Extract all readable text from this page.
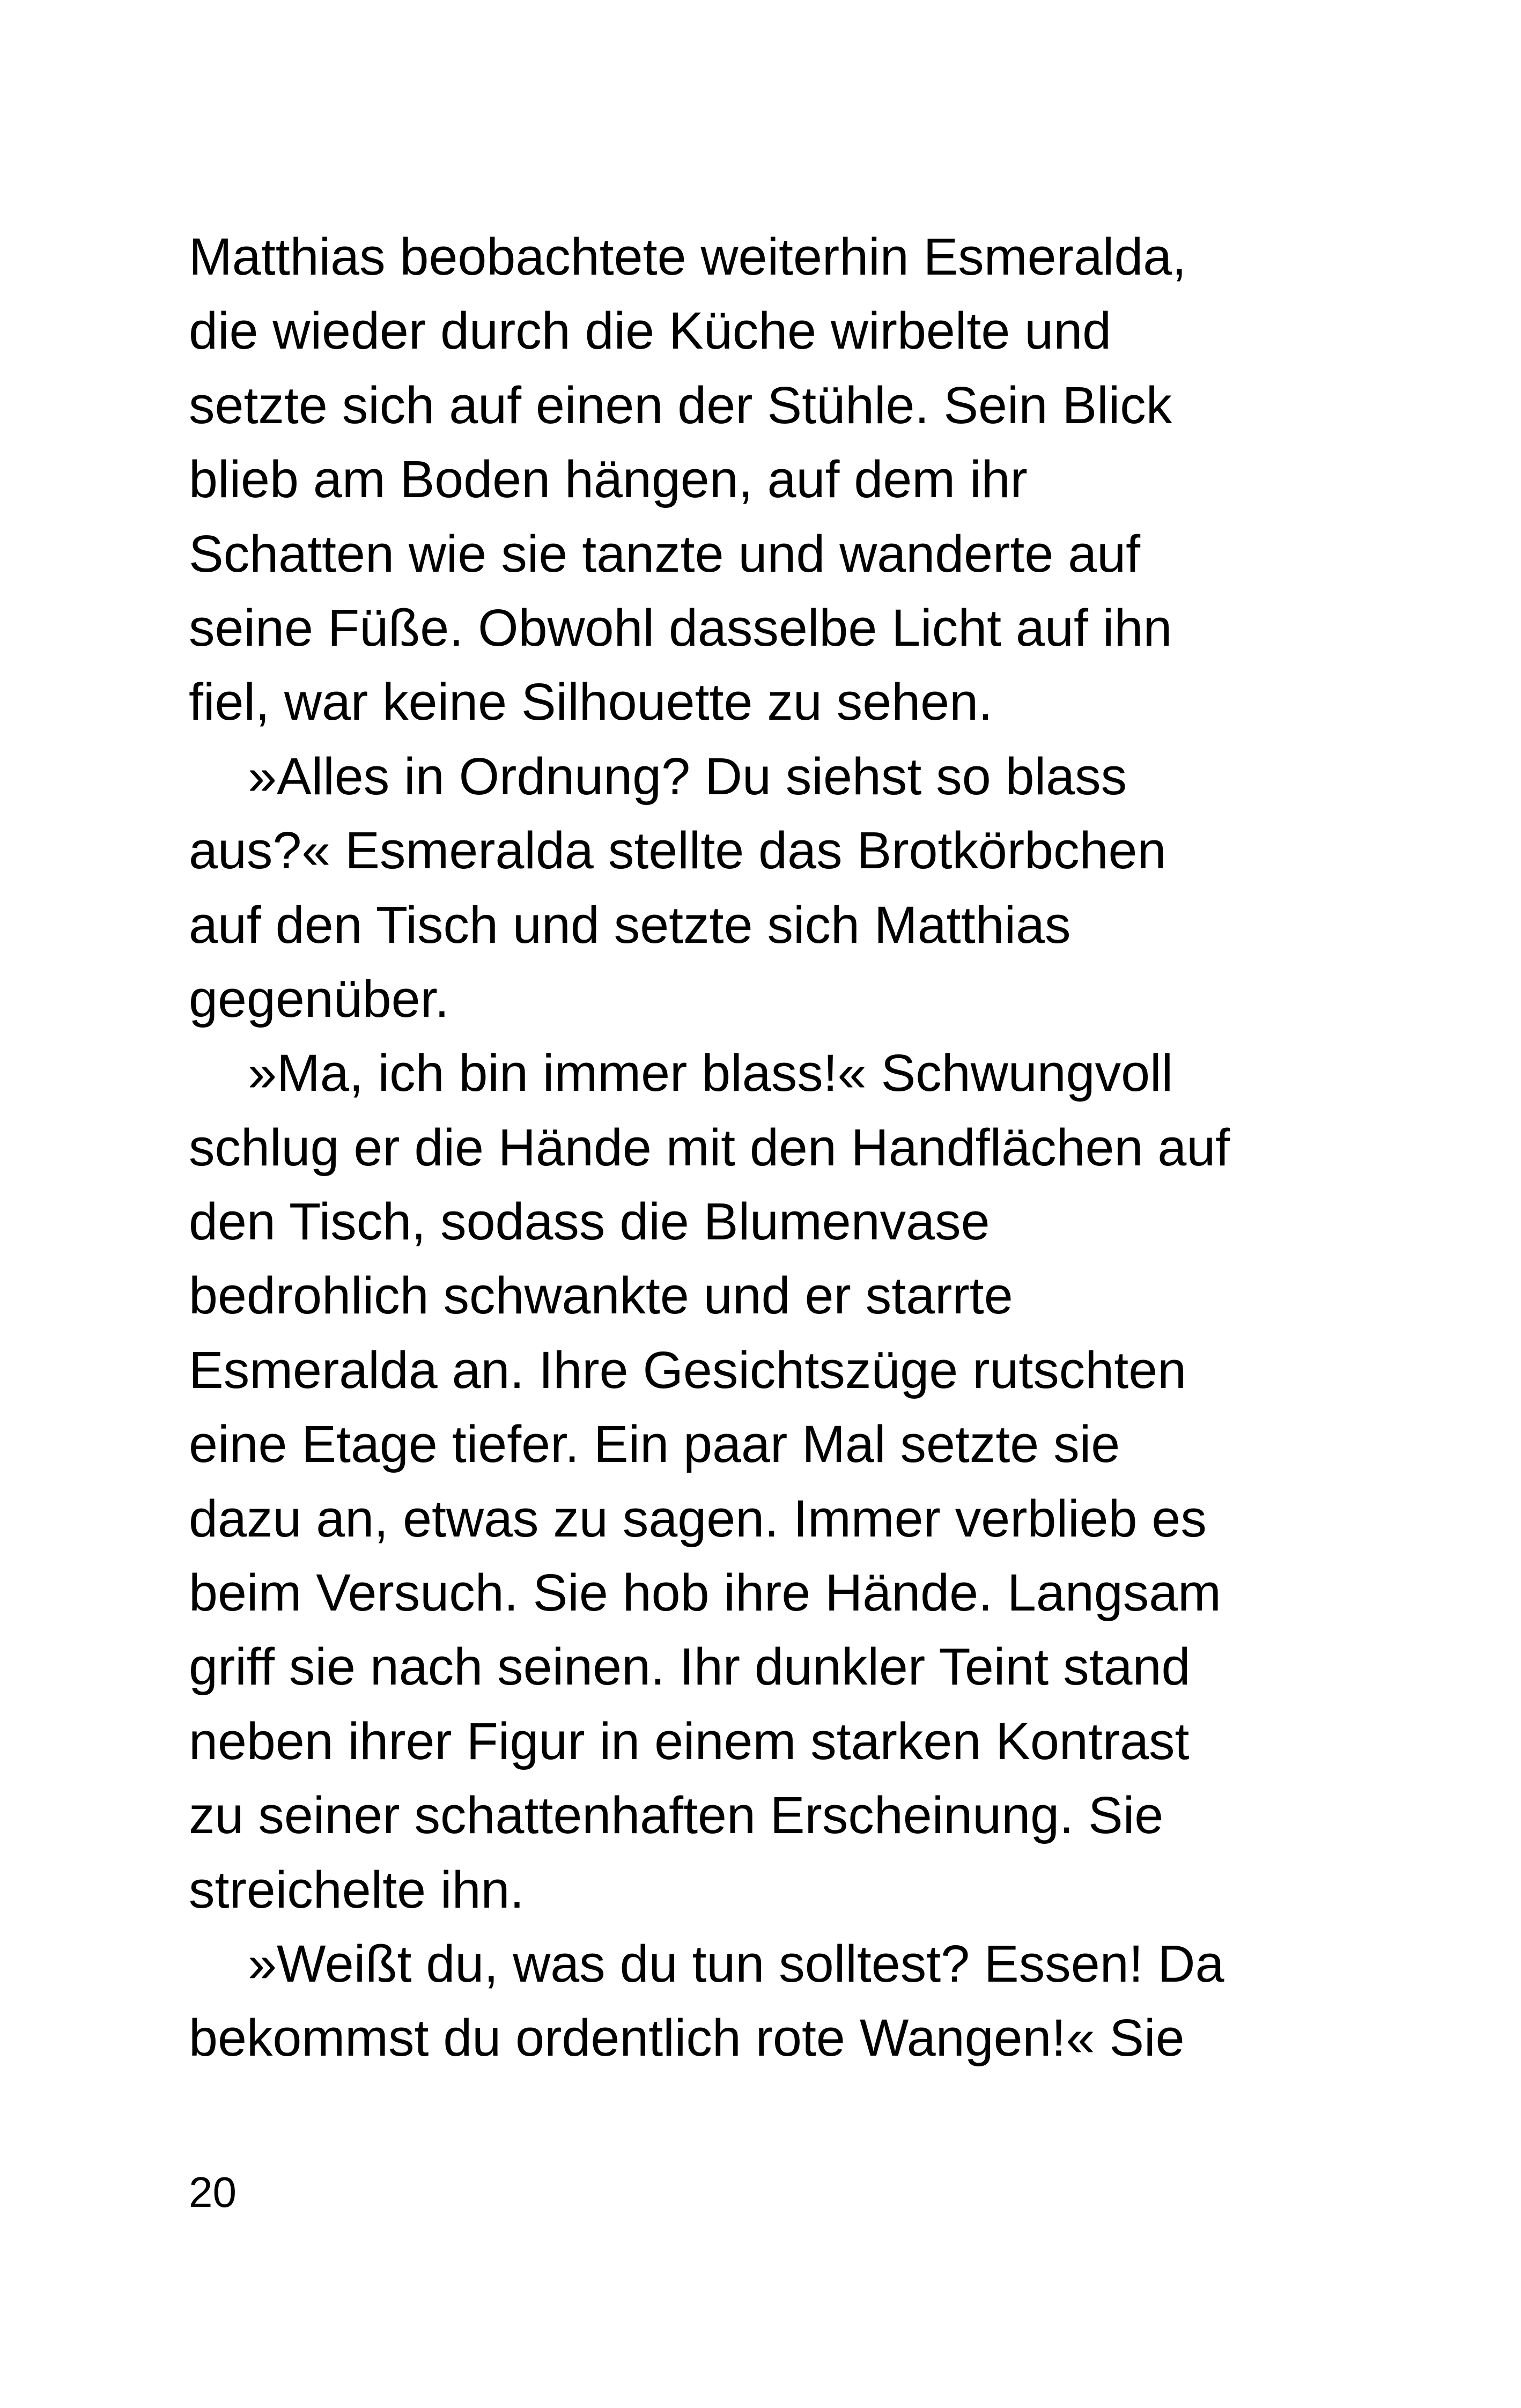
Matthias beobachtete weiterhin Esmeralda,
die wieder durch die Küche wirbelte und
setzte sich auf einen der Stühle. Sein Blick
blieb am Boden hängen, auf dem ihr
Schatten wie sie tanzte und wanderte auf
seine Füße. Obwohl dasselbe Licht auf ihn
fiel, war keine Silhouette zu sehen.
»Alles in Ordnung? Du siehst so blass
aus?« Esmeralda stellte das Brotkörbchen
auf den Tisch und setzte sich Matthias
gegenüber.
»Ma, ich bin immer blass!« Schwungvoll
schlug er die Hände mit den Handflächen auf
den Tisch, sodass die Blumenvase
bedrohlich schwankte und er starrte
Esmeralda an. Ihre Gesichtszüge rutschten
eine Etage tiefer. Ein paar Mal setzte sie
dazu an, etwas zu sagen. Immer verblieb es
beim Versuch. Sie hob ihre Hände. Langsam
griff sie nach seinen. Ihr dunkler Teint stand
neben ihrer Figur in einem starken Kontrast
zu seiner schattenhaften Erscheinung. Sie
streichelte ihn.
»Weißt du, was du tun solltest? Essen! Da
bekommst du ordentlich rote Wangen!« Sie
20
